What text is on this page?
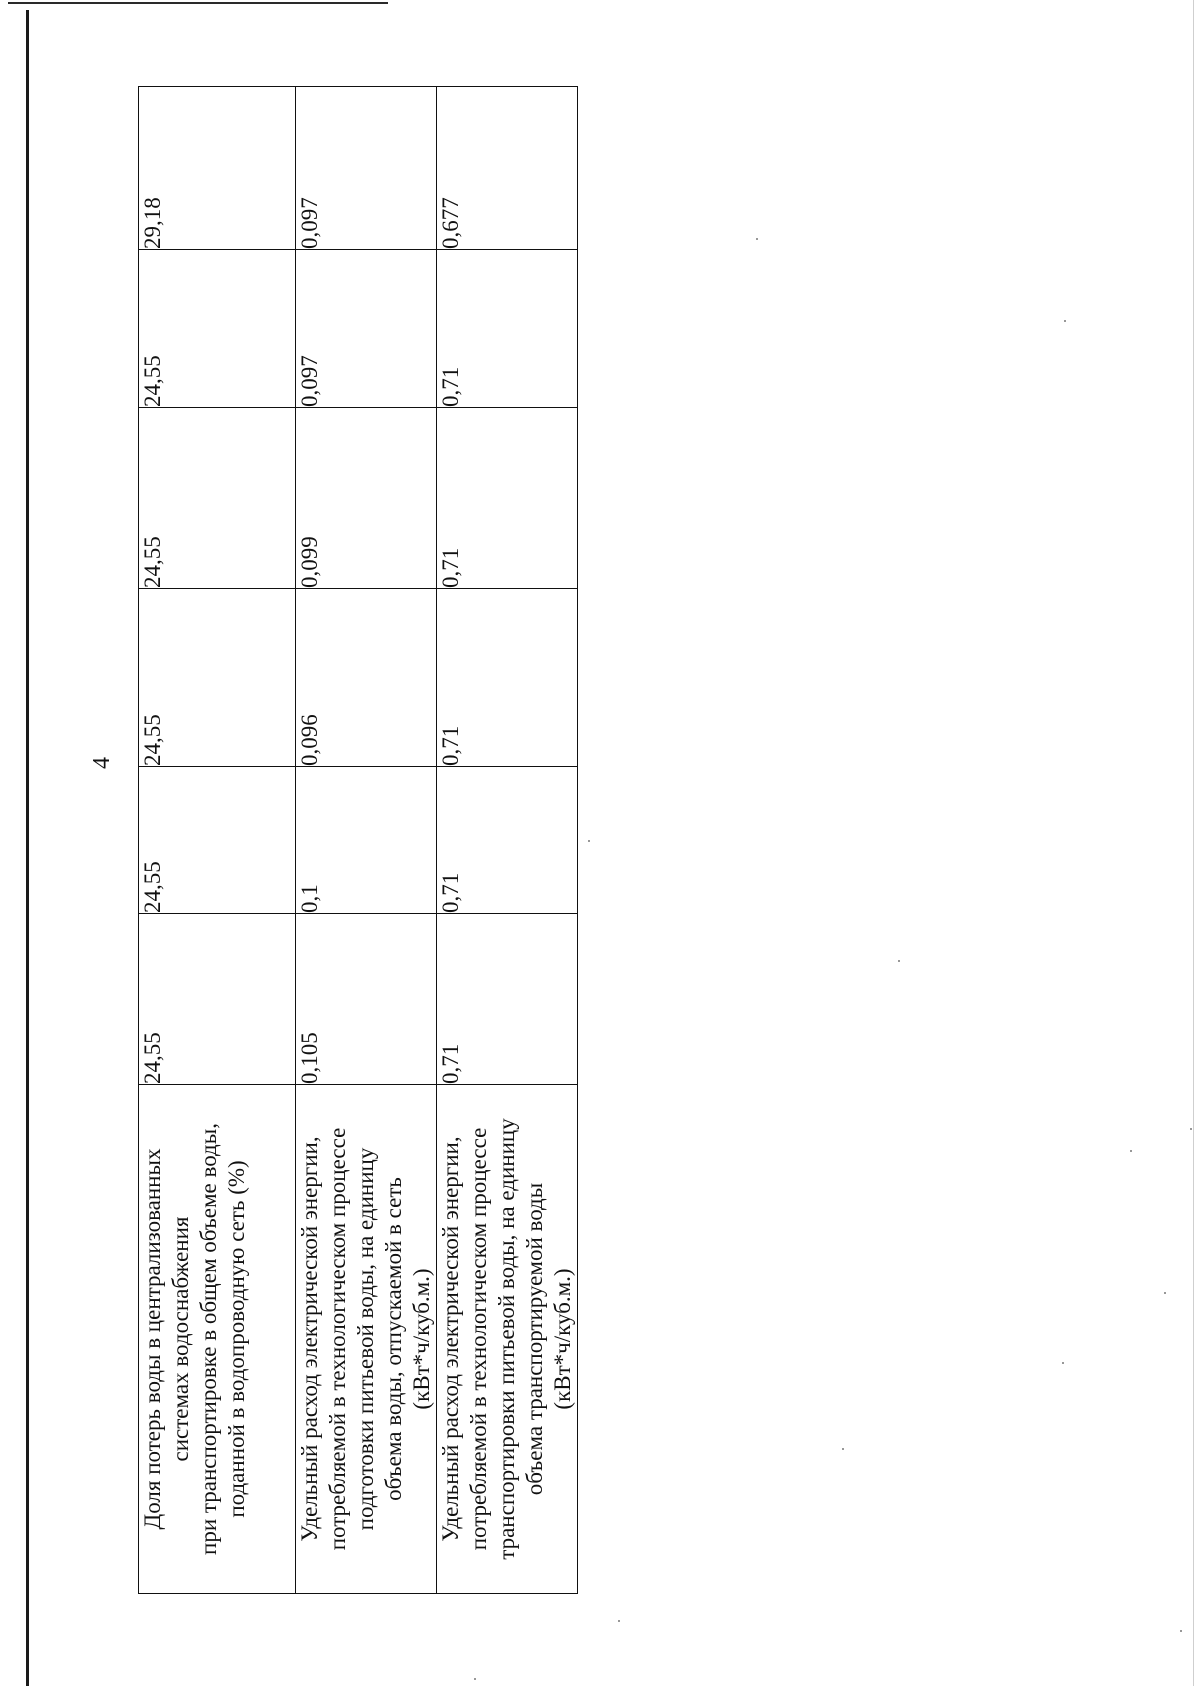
4
Доля потерь воды в централизованных системах водоснабжения при транспортировке в общем объеме воды, поданной в водопроводную сеть (%)	24,55	24,55	24,55	24,55	24,55	29,18

Удельный расход электрической энергии, потребляемой в технологическом процессе подготовки питьевой воды, на единицу объема воды, отпускаемой в сеть (кВт*ч/куб.м.)	0,105	0,1	0,096	0,099	0,097	0,097

Удельный расход электрической энергии, потребляемой в технологическом процессе транспортировки питьевой воды, на единицу объема транспортируемой воды (кВт*ч/куб.м.)	0,71	0,71	0,71	0,71	0,71	0,677
